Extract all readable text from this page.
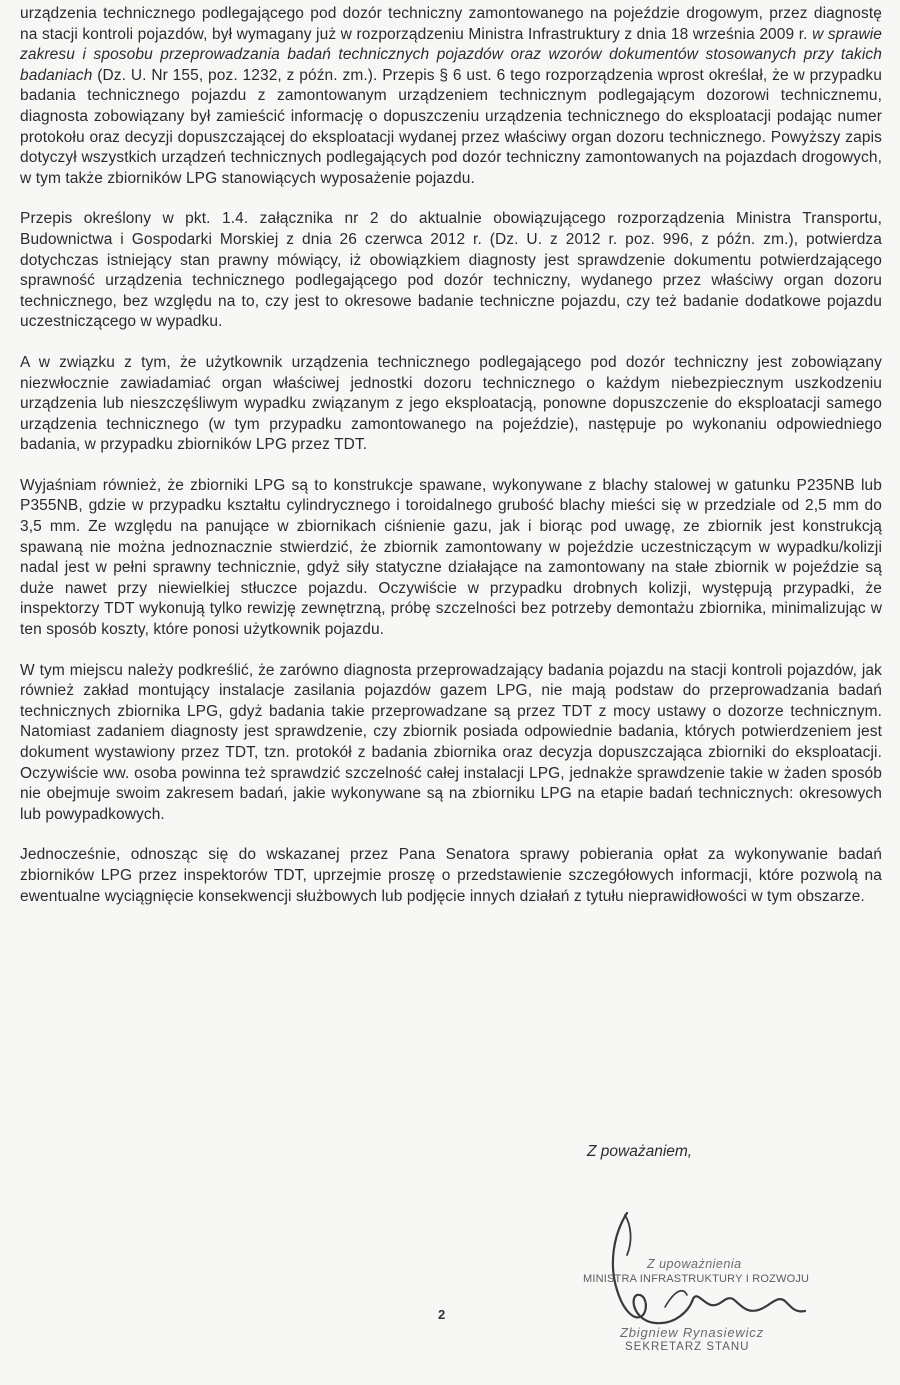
urządzenia technicznego podlegającego pod dozór techniczny zamontowanego na pojeździe drogowym, przez diagnostę na stacji kontroli pojazdów, był wymagany już w rozporządzeniu Ministra Infrastruktury z dnia 18 września 2009 r. w sprawie zakresu i sposobu przeprowadzania badań technicznych pojazdów oraz wzorów dokumentów stosowanych przy takich badaniach (Dz. U. Nr 155, poz. 1232, z późn. zm.). Przepis § 6 ust. 6 tego rozporządzenia wprost określał, że w przypadku badania technicznego pojazdu z zamontowanym urządzeniem technicznym podlegającym dozorowi technicznemu, diagnosta zobowiązany był zamieścić informację o dopuszczeniu urządzenia technicznego do eksploatacji podając numer protokołu oraz decyzji dopuszczającej do eksploatacji wydanej przez właściwy organ dozoru technicznego. Powyższy zapis dotyczył wszystkich urządzeń technicznych podlegających pod dozór techniczny zamontowanych na pojazdach drogowych, w tym także zbiorników LPG stanowiących wyposażenie pojazdu.

Przepis określony w pkt. 1.4. załącznika nr 2 do aktualnie obowiązującego rozporządzenia Ministra Transportu, Budownictwa i Gospodarki Morskiej z dnia 26 czerwca 2012 r. (Dz. U. z 2012 r. poz. 996, z późn. zm.), potwierdza dotychczas istniejący stan prawny mówiący, iż obowiązkiem diagnosty jest sprawdzenie dokumentu potwierdzającego sprawność urządzenia technicznego podlegającego pod dozór techniczny, wydanego przez właściwy organ dozoru technicznego, bez względu na to, czy jest to okresowe badanie techniczne pojazdu, czy też badanie dodatkowe pojazdu uczestniczącego w wypadku.

A w związku z tym, że użytkownik urządzenia technicznego podlegającego pod dozór techniczny jest zobowiązany niezwłocznie zawiadamiać organ właściwej jednostki dozoru technicznego o każdym niebezpiecznym uszkodzeniu urządzenia lub nieszczęśliwym wypadku związanym z jego eksploatacją, ponowne dopuszczenie do eksploatacji samego urządzenia technicznego (w tym przypadku zamontowanego na pojeździe), następuje po wykonaniu odpowiedniego badania, w przypadku zbiorników LPG przez TDT.

Wyjaśniam również, że zbiorniki LPG są to konstrukcje spawane, wykonywane z blachy stalowej w gatunku P235NB lub P355NB, gdzie w przypadku kształtu cylindrycznego i toroidalnego grubość blachy mieści się w przedziale od 2,5 mm do 3,5 mm. Ze względu na panujące w zbiornikach ciśnienie gazu, jak i biorąc pod uwagę, ze zbiornik jest konstrukcją spawaną nie można jednoznacznie stwierdzić, że zbiornik zamontowany w pojeździe uczestniczącym w wypadku/kolizji nadal jest w pełni sprawny technicznie, gdyż siły statyczne działające na zamontowany na stałe zbiornik w pojeździe są duże nawet przy niewielkiej stłuczce pojazdu. Oczywiście w przypadku drobnych kolizji, występują przypadki, że inspektorzy TDT wykonują tylko rewizję zewnętrzną, próbę szczelności bez potrzeby demontażu zbiornika, minimalizując w ten sposób koszty, które ponosi użytkownik pojazdu.

W tym miejscu należy podkreślić, że zarówno diagnosta przeprowadzający badania pojazdu na stacji kontroli pojazdów, jak również zakład montujący instalacje zasilania pojazdów gazem LPG, nie mają podstaw do przeprowadzania badań technicznych zbiornika LPG, gdyż badania takie przeprowadzane są przez TDT z mocy ustawy o dozorze technicznym. Natomiast zadaniem diagnosty jest sprawdzenie, czy zbiornik posiada odpowiednie badania, których potwierdzeniem jest dokument wystawiony przez TDT, tzn. protokół z badania zbiornika oraz decyzja dopuszczająca zbiorniki do eksploatacji. Oczywiście ww. osoba powinna też sprawdzić szczelność całej instalacji LPG, jednakże sprawdzenie takie w żaden sposób nie obejmuje swoim zakresem badań, jakie wykonywane są na zbiorniku LPG na etapie badań technicznych: okresowych lub powypadkowych.

Jednocześnie, odnosząc się do wskazanej przez Pana Senatora sprawy pobierania opłat za wykonywanie badań zbiorników LPG przez inspektorów TDT, uprzejmie proszę o przedstawienie szczegółowych informacji, które pozwolą na ewentualne wyciągnięcie konsekwencji służbowych lub podjęcie innych działań z tytułu nieprawidłowości w tym obszarze.

Z poważaniem,
Z upoważnienia
MINISTRA INFRASTRUKTURY I ROZWOJU
Zbigniew Rynasiewicz
SEKRETARZ STANU
2
